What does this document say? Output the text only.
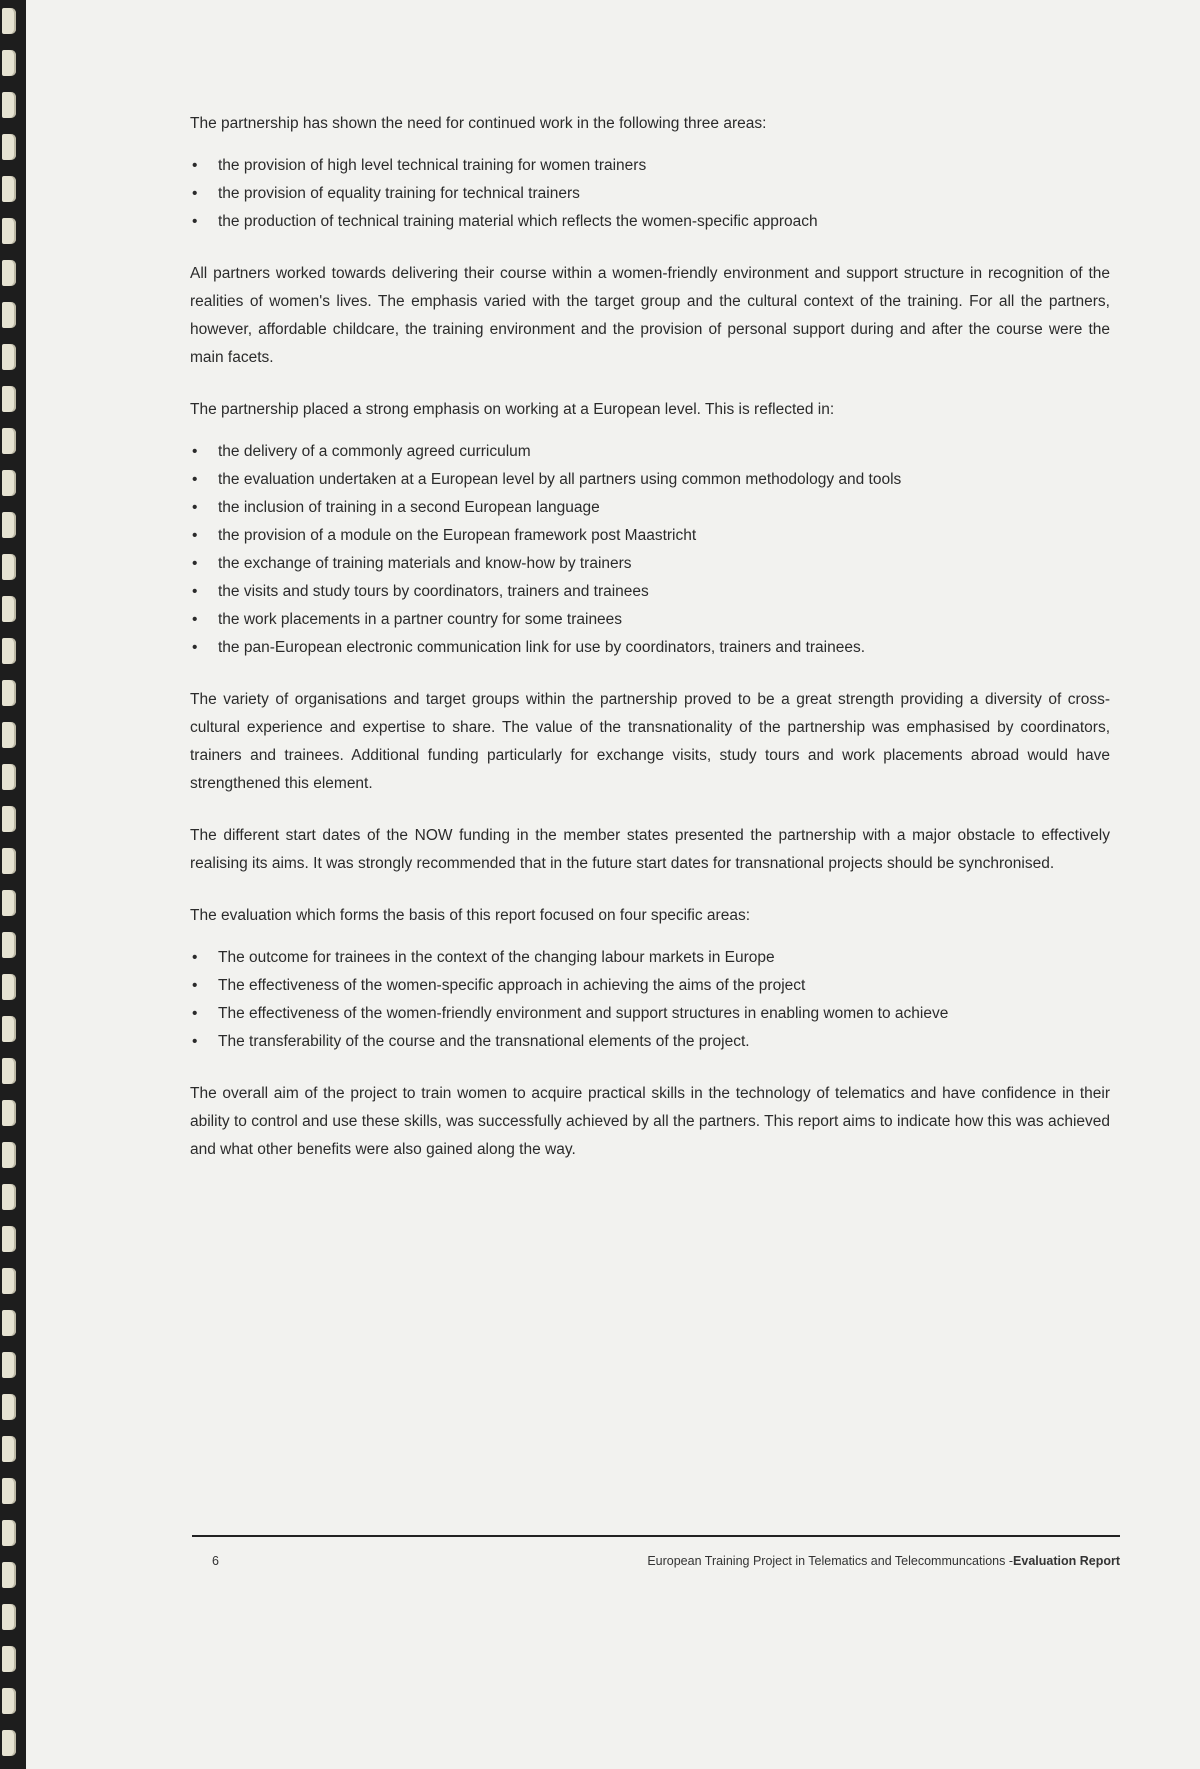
The partnership has shown the need for continued work in the following three areas:

• the provision of high level technical training for women trainers
• the provision of equality training for technical trainers
• the production of technical training material which reflects the women-specific approach

All partners worked towards delivering their course within a women-friendly environment and support structure in recognition of the realities of women's lives. The emphasis varied with the target group and the cultural context of the training. For all the partners, however, affordable childcare, the training environment and the provision of personal support during and after the course were the main facets.

The partnership placed a strong emphasis on working at a European level. This is reflected in:

• the delivery of a commonly agreed curriculum
• the evaluation undertaken at a European level by all partners using common methodology and tools
• the inclusion of training in a second European language
• the provision of a module on the European framework post Maastricht
• the exchange of training materials and know-how by trainers
• the visits and study tours by coordinators, trainers and trainees
• the work placements in a partner country for some trainees
• the pan-European electronic communication link for use by coordinators, trainers and trainees.

The variety of organisations and target groups within the partnership proved to be a great strength providing a diversity of cross-cultural experience and expertise to share. The value of the transnationality of the partnership was emphasised by coordinators, trainers and trainees. Additional funding particularly for exchange visits, study tours and work placements abroad would have strengthened this element.

The different start dates of the NOW funding in the member states presented the partnership with a major obstacle to effectively realising its aims. It was strongly recommended that in the future start dates for transnational projects should be synchronised.

The evaluation which forms the basis of this report focused on four specific areas:

• The outcome for trainees in the context of the changing labour markets in Europe
• The effectiveness of the women-specific approach in achieving the aims of the project
• The effectiveness of the women-friendly environment and support structures in enabling women to achieve
• The transferability of the course and the transnational elements of the project.

The overall aim of the project to train women to acquire practical skills in the technology of telematics and have confidence in their ability to control and use these skills, was successfully achieved by all the partners. This report aims to indicate how this was achieved and what other benefits were also gained along the way.

6	European Training Project in Telematics and Telecommuncations -Evaluation Report
